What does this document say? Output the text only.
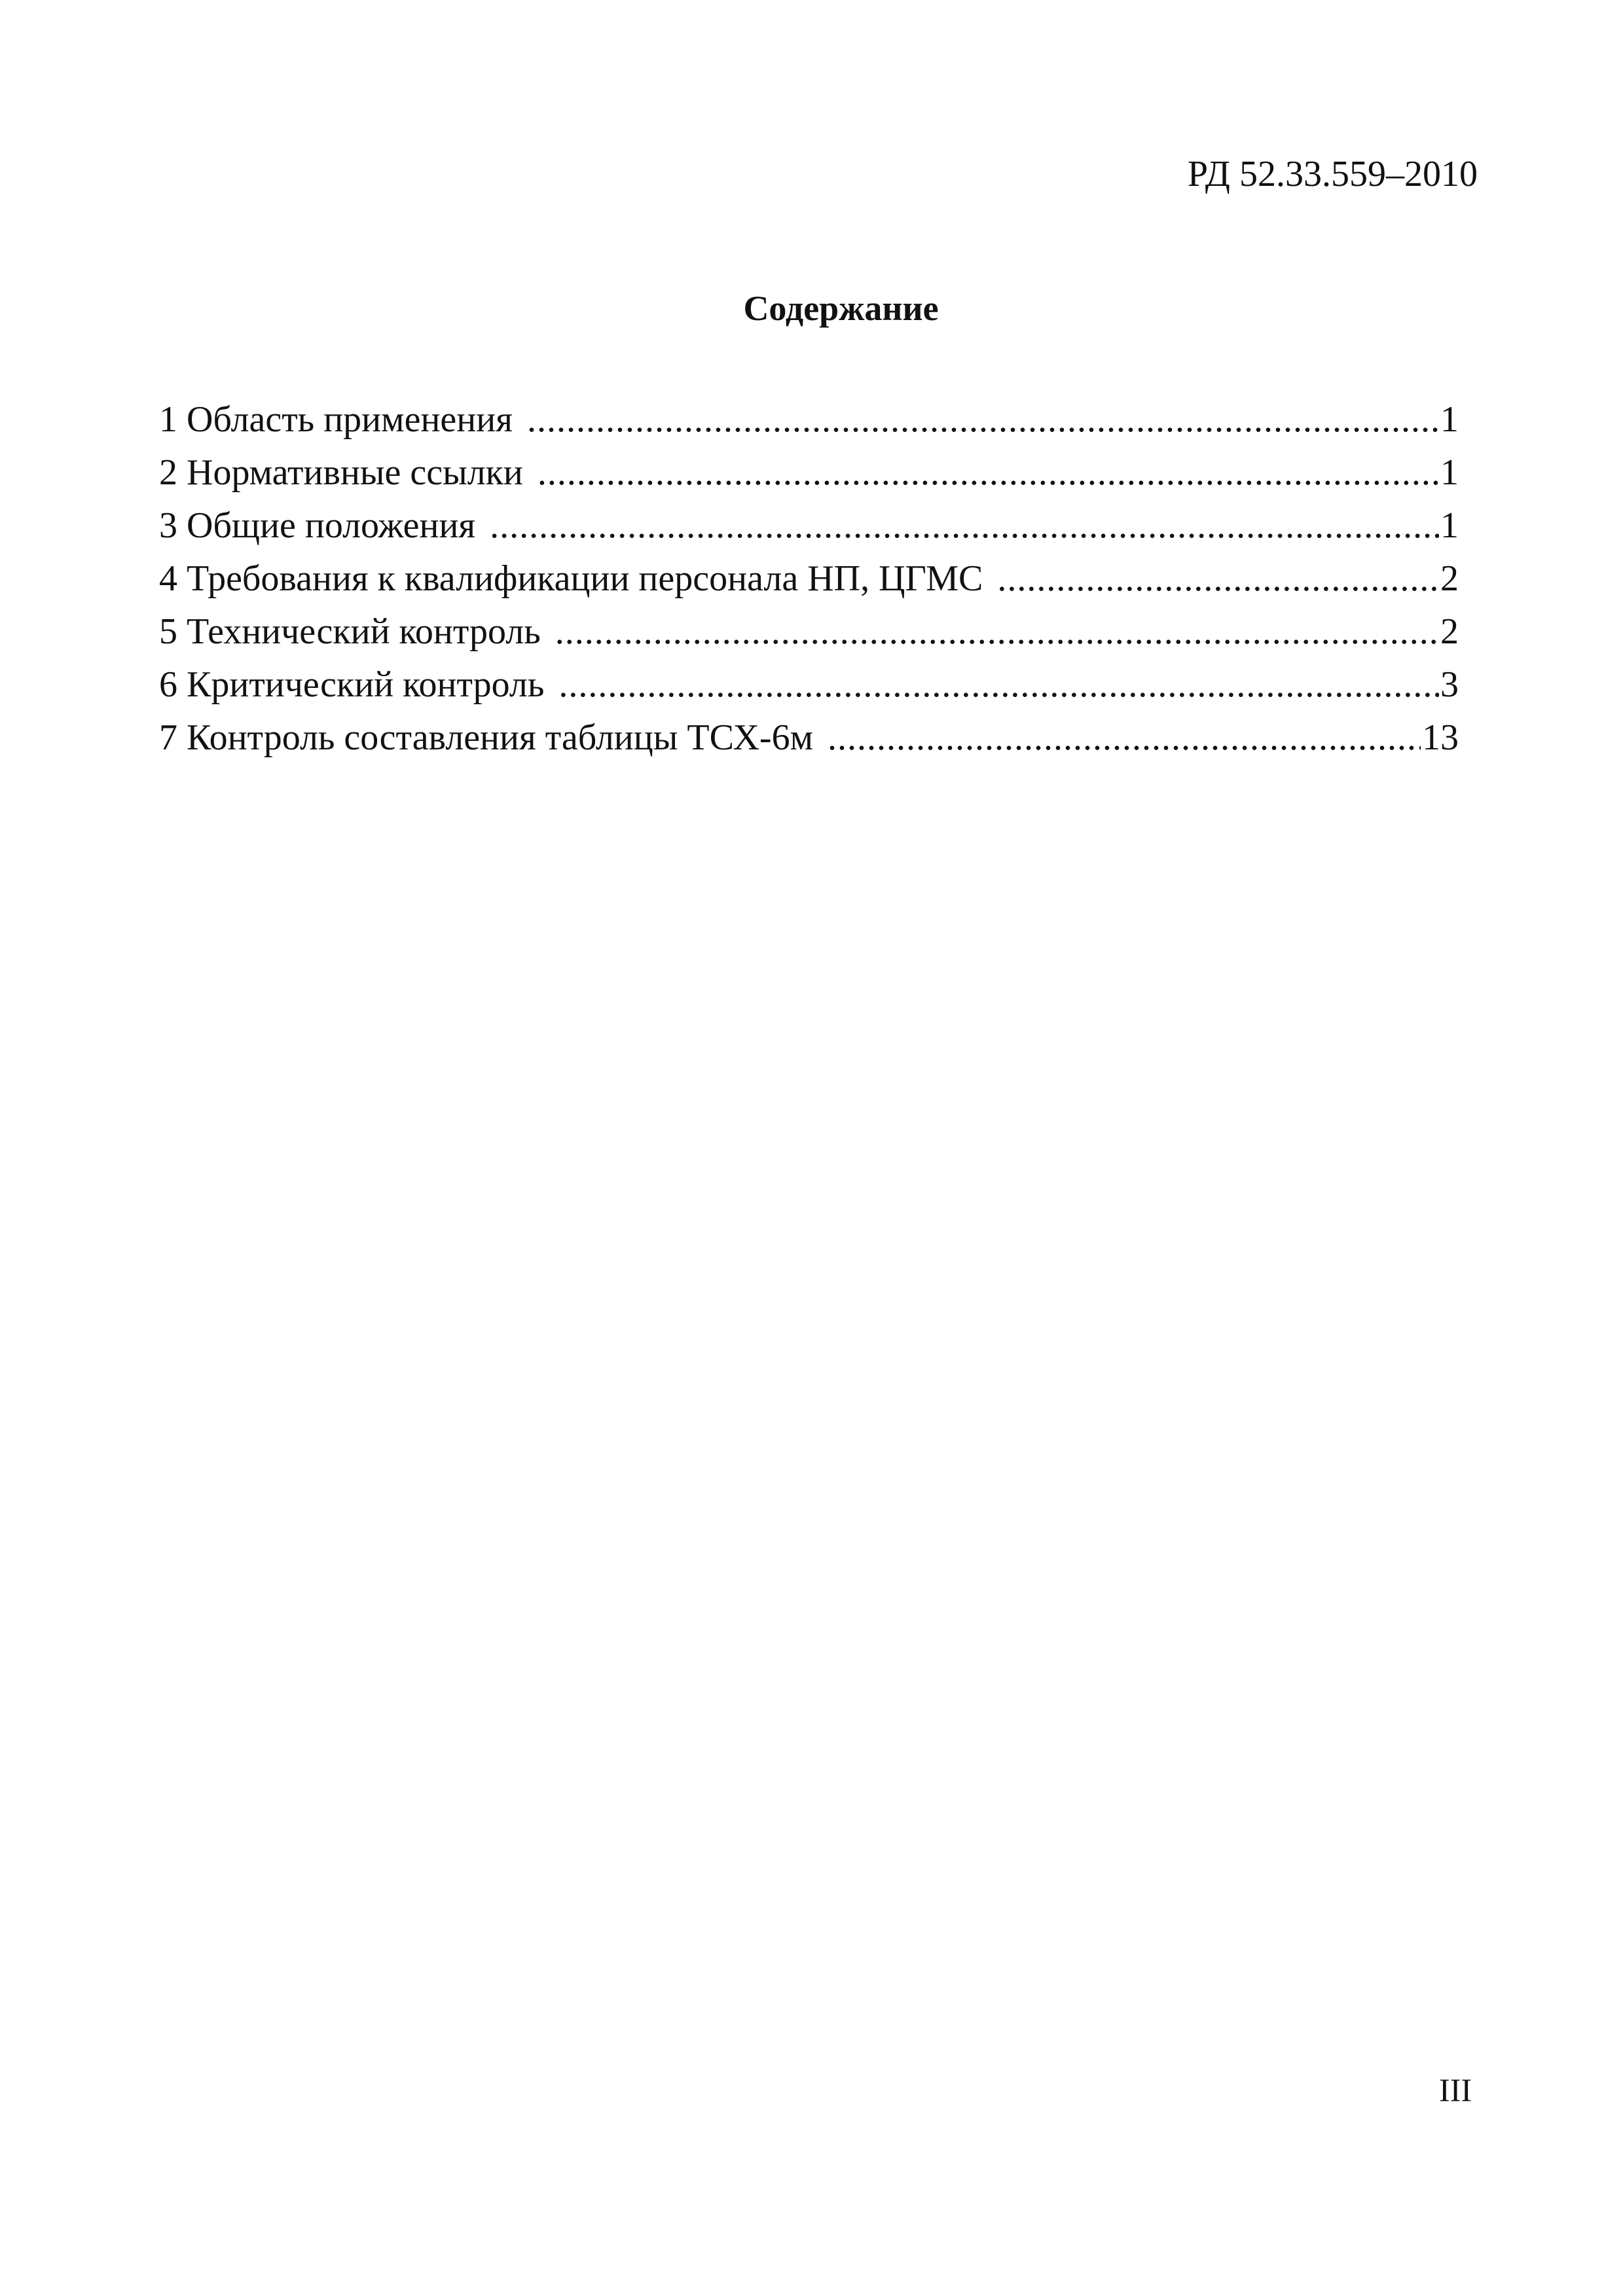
РД 52.33.559–2010
Содержание
1 Область применения .....	1
2 Нормативные ссылки .....	1
3 Общие положения .....	1
4 Требования к квалификации персонала НП, ЦГМС .....	2
5 Технический контроль .....	2
6 Критический контроль .....	3
7 Контроль составления таблицы ТСХ-6м .....	13
III
